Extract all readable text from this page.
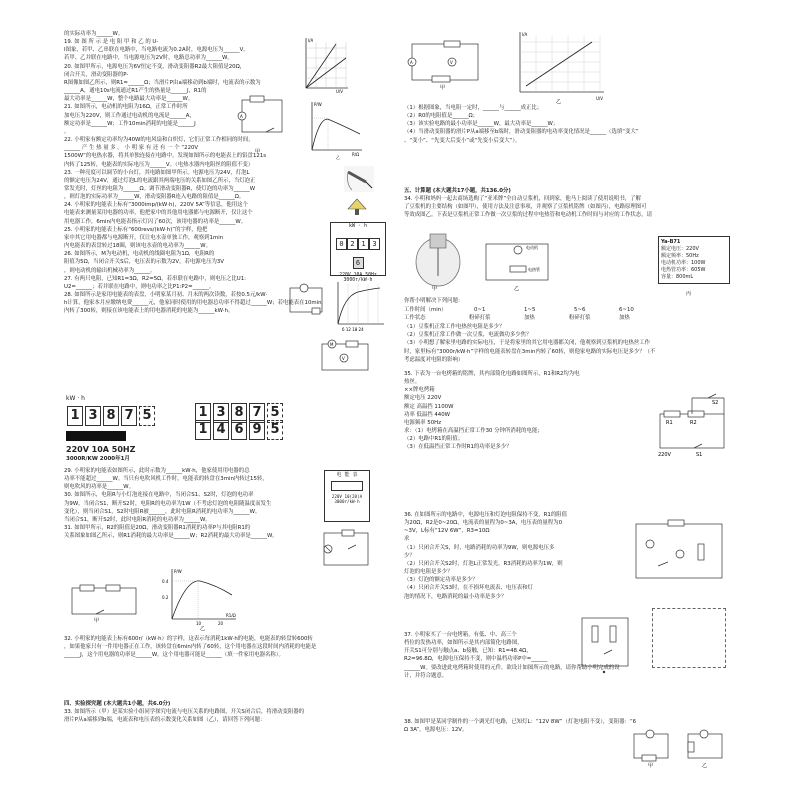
的实际功率为______W。
19. 如 图 所 示 是 电 阻 甲 和 乙 的 U-
I图象，若甲、乙串联在电路中，当电路电流为0.2A时，电源电压为______V。
若甲、乙并联在电路中，当电源电压为2V时，电路总功率为______W。
20. 如图甲所示，电源电压为6V恒定不变，滑动变阻器R2最大阻值是20Ω，
闭合开关，滑动变阻器的P-
R图像如图乙所示，则R1=______Ω；当滑片P由a端移动到b端时，电流表的示数为
______A，通电10s电流通过R1产生的热量是______J，R1的
最大功率是______W，整个电路最大功率是______W。
21. 如图所示，电动机的电阻为16Ω，正常工作时所
加电压为220V，则工作通过电动机的电流是______A，
额定功率是______W；工作10min消耗的电能是______J
。
22. 小明家有额定功率均为40W的电风扇和白炽灯，它们正常工作相同的时间，
______ 产 生 热 量 多 。 小 明 家 有 还 有 一 个 “220V
1500W”的电热水器，将其单独连接在电路中，发现如图所示的电能表上的铝盘121s
内转了125转，电能表的实际电压为______V。（电热水器内电阻丝的阻值不变）
23. 一种亮度可以调节的小台灯，其电路如图甲所示。电源电压为24V，灯泡L
的额定电压为24V，通过灯泡L的电流跟其两端电压的关系如图乙所示，当灯泡正
常发光时，灯丝的电阻为______Ω。调节滑动变阻器R，使灯泡的功率为______W
，则灯泡的实际功率为______W，滑动变阻器R连入电路的阻值是______Ω。
24. 小明家的电能表上标有“3000imp/(kW·h)，220V 5A”等信息，他用这个
电能表来测量某用电器的功率，他把家中的其他用电器都与电源断开，仅让这个
用电器工作，6min内电能表指示灯闪了60次，该用电器的功率是______W。
25. 小明家的电能表上标有“600revs/(kW·h)”的字样，他把
家中其它用电器都与电源断开，仅让电水壶单独工作，观察到1min
内电能表的表盘转过18圈，则该电水壶的电功率为______W。
26. 如图所示，M为电动机，电动机的线圈电阻为1Ω，电阻R的
阻值为5Ω，当闭合开关S后，电压表的示数为2V，若电源电压为3V
，则电动机的输出机械功率为______。
27. 有两只电阻，已知R1=3Ω，R2=5Ω，若串联在电路中，则电压之比U1:
U2=______；若并联在电路中，则电功率之比P1:P2=______。
28. 如图所示是家用电能表的表盘，小明家某月初、月末的两次读数，若按0.5元/kW·
h计算，他家本月应缴纳电费______元，他家同时使用的用电器总功率不得超过______W；若电能表在10min
内转了300转，则接在该电能表上的用电器消耗的电能为______kW·h。
29. 小明家的电能表如图所示，此时示数为______kW·h，他家使用用电器的总
功率不能超过______W。当只有电吹风机工作时，电能表的转盘在3min内转过15转，
则电吹风的功率是______W。
30. 如图所示，电阻R与小灯泡连接在电路中，当闭合S1、S2时，灯泡的电功率
为9W，当闭合S1，断开S2时，电阻R的电功率为1W（不考虑灯泡的电阻随温度而发生
变化），则当闭合S1，S2时电阻R被______，此时电阻R消耗的电功率为______W。
当闭合S1，断开S2时，此时电阻R消耗的电功率为______W。
31. 如图甲所示，R2的阻值是20Ω，滑动变阻器R1消耗的功率P与其电阻R1的
关系图象如图乙所示，则R1消耗的最大功率是______W；R2消耗的最大功率是______W。
32. 小明家的电能表上标有600r/（kW·h）的字样，这表示每消耗1kW·h的电能，电能表的转盘转600转
，如果他家只有一件用电器正在工作，该转盘在6min内转了60转，这个用电器在这段时间内消耗的电能是
______J，这个用电器的功率是______W，这个用电器可能是______（填一件家用电器名称）。
四、实验探究题 (本大题共1小题，共6.0分)
33. 如图所示（甲）是某实验小组同学探究电流与电压关系的电路图，开关S闭合后，将滑动变阻器的
滑片P从a端移到b端，电流表和电压表的示数变化关系如图（乙），请回答下列问题：
（1）根据图象，当电阻一定时，______与______成正比；
（2）R0的电阻值是______Ω；
（3）该实验电路的最小功率是______W，最大功率是______W；
（4）当滑动变阻器的滑片P从a端移至b端时，滑动变阻器的电功率变化情况是______（选填“变大”
、“变小”、“先变大后变小”或“先变小后变大”）。
五、计算题 (本大题共17小题，共136.0分)
34. 小明和妈妈一起去商场选购了“亚米牌”全自动豆浆机，回到家，他马上阅读了使用说明书，了解
了豆浆机的主要结构（如图甲），使用方法及注意事项，并观察了豆浆机铭牌（如图丙），电路原理图可
等效成图乙。下表是豆浆机正常工作做一次豆浆的过程中电热管和电动机工作时间与对应的工作状态，请
你帮小明解决下列问题：
（1）豆浆机正常工作电热丝电阻是多少？
（2）豆浆机正常工作做一次豆浆，电流做功多少焦？
（3）小明想了解家里电路的实际电压，于是将家里的其它用电器都关闭，他观察到豆浆机的电热丝工作
时，家里标有“3000r/kW·h”字样的电能表转盘在3min内转了60转，则他家电路的实际电压是多少？（不
考虑温度对电阻的影响）
工作时间（min）	0~1	1~5	5~6	6~10
工作状态	粉碎打浆	加热	粉碎打浆	加热
35. 下表为一台电烤箱的铭牌，其内部简化电路如图所示，R1和R2均为电
热丝。
××牌电烤箱
额定电压 220V
额定 高温挡 1100W
功率 低温挡 440W
电源频率 50Hz
求：（1）电烤箱在高温挡正常工作30 分钟所消耗的电能；
（2）电路中R1的阻值；
（3）在低温挡正常工作时R1的功率是多少？
36. 在如图所示的电路中，电源电压和灯泡电阻保持不变，R1的阻值
为20Ω，R2是0~20Ω，电流表的量程为0~3A，电压表的量程为0
~3V，L标有“12V 6W”，R3=10Ω
求
（1）只闭合开关S，时，电路消耗的功率为9W，则电源电压多
少？
（2）只闭合开关S2时，灯泡L正常发光，R3消耗的功率为1W，则
灯泡的电阻是多少？
（3）灯泡的额定功率是多少？
（4）只闭合开关S3时，在不损坏电流表、电压表和灯
泡的情况下，电路消耗的最小功率是多少？
37. 小明家买了一台电烤箱，有低、中、高三个
档位的发热功率，如图所示是其内部简化电路图，
开关S1可分别与触点a、b接触，已知：R1=48.4Ω，
R2=96.8Ω，电源电压保持不变，则中温档功率P中=______
______W。要改进此电烤箱时使用的元件，欲设计如图所示的电路，请你帮助小明完成的设
计，并符合题意。
38. 如图甲是某同学制作的一个调光灯电路，已知灯L：“12V 8W”（灯泡电阻不变），变阻器：“6
Ω 3A”，电源电压：12V。
I/A
U/V
A
P/W
R/Ω
乙
甲
kW · h
0 2 1 36
220V 10A 50Hz
3000r/kW·h
6 12 18 24
M
V
kW · h
1 3 8 7 5
220V 10A 50HZ
3000R/KW 2000年1月
1 4 6 9 5
1 3 8 7 5
电 能 表
220V 10(20)A
3000r/kW·h
甲
P/W
0.4
0.2
10	20
R1/Ω
乙
A	V
甲
I/A
U/V
乙
甲
电动机
电热管
乙
Ya-B71
额定电压：220V
额定频率：50Hz
电动机功率：100W
电热管功率：605W
容量：800mL
丙
R1	R2
S2
S1
220V
甲	乙
